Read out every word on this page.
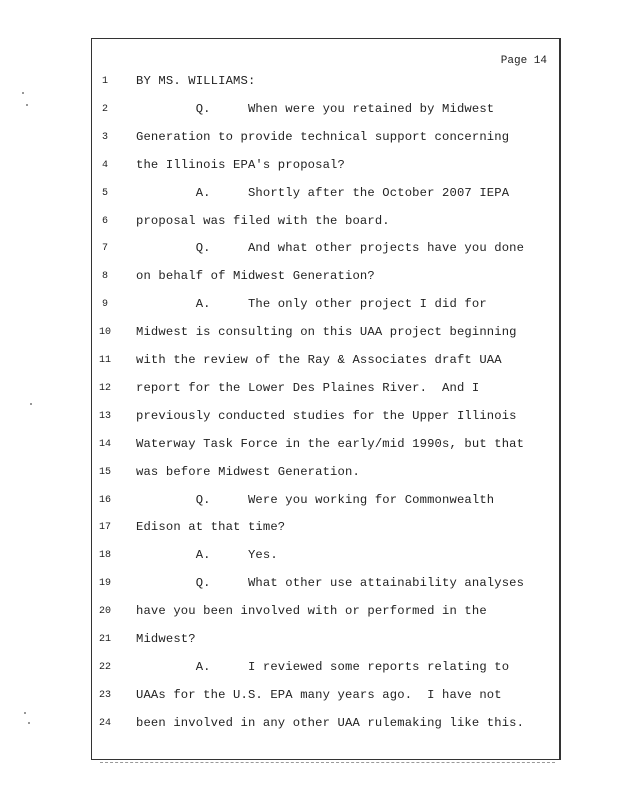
Page 14
1	BY MS. WILLIAMS:
2	Q.     When were you retained by Midwest
3	Generation to provide technical support concerning
4	the Illinois EPA's proposal?
5	A.     Shortly after the October 2007 IEPA
6	proposal was filed with the board.
7	Q.     And what other projects have you done
8	on behalf of Midwest Generation?
9	A.     The only other project I did for
10	Midwest is consulting on this UAA project beginning
11	with the review of the Ray & Associates draft UAA
12	report for the Lower Des Plaines River.  And I
13	previously conducted studies for the Upper Illinois
14	Waterway Task Force in the early/mid 1990s, but that
15	was before Midwest Generation.
16	Q.     Were you working for Commonwealth
17	Edison at that time?
18	A.     Yes.
19	Q.     What other use attainability analyses
20	have you been involved with or performed in the
21	Midwest?
22	A.     I reviewed some reports relating to
23	UAAs for the U.S. EPA many years ago.  I have not
24	been involved in any other UAA rulemaking like this.
